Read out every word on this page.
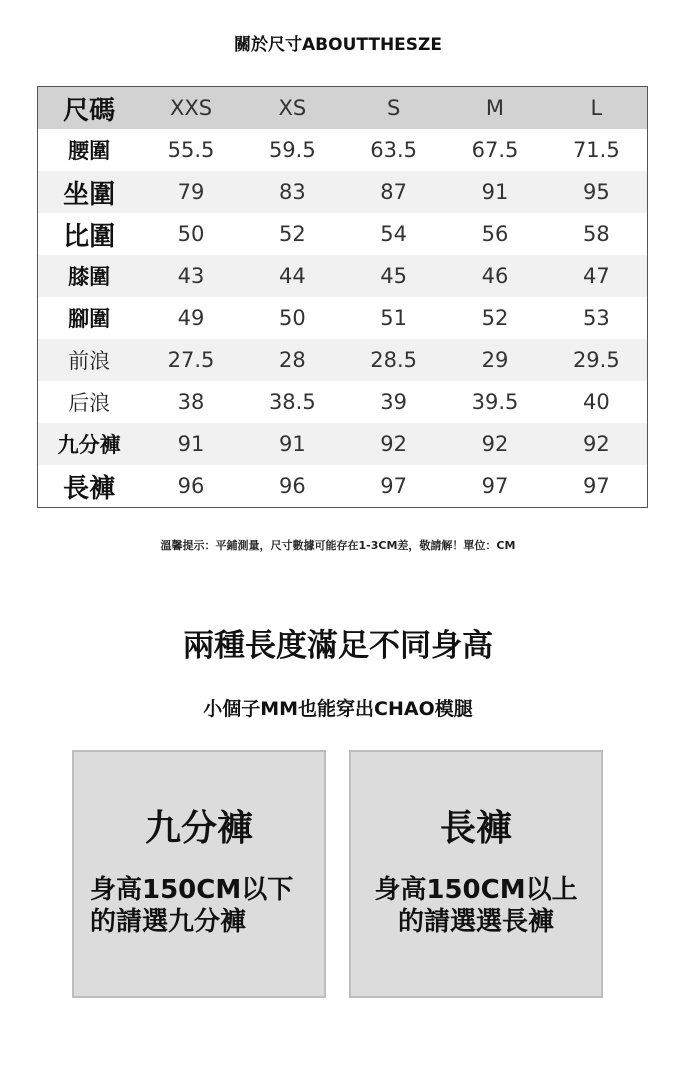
關於尺寸ABOUTTHESZE
尺碼	XXS	XS	S	M	L
腰圍	55.5	59.5	63.5	67.5	71.5
坐圍	79	83	87	91	95
比圍	50	52	54	56	58
膝圍	43	44	45	46	47
腳圍	49	50	51	52	53
前浪	27.5	28	28.5	29	29.5
后浪	38	38.5	39	39.5	40
九分褲	91	91	92	92	92
長褲	96	96	97	97	97
溫馨提示：平鋪測量，尺寸數據可能存在1-3CM差，敬請解！單位：CM
兩種長度滿足不同身高
小個子MM也能穿出CHAO模腿
九分褲
身高150CM以下
的請選九分褲
長褲
身高150CM以上
的請選選長褲
